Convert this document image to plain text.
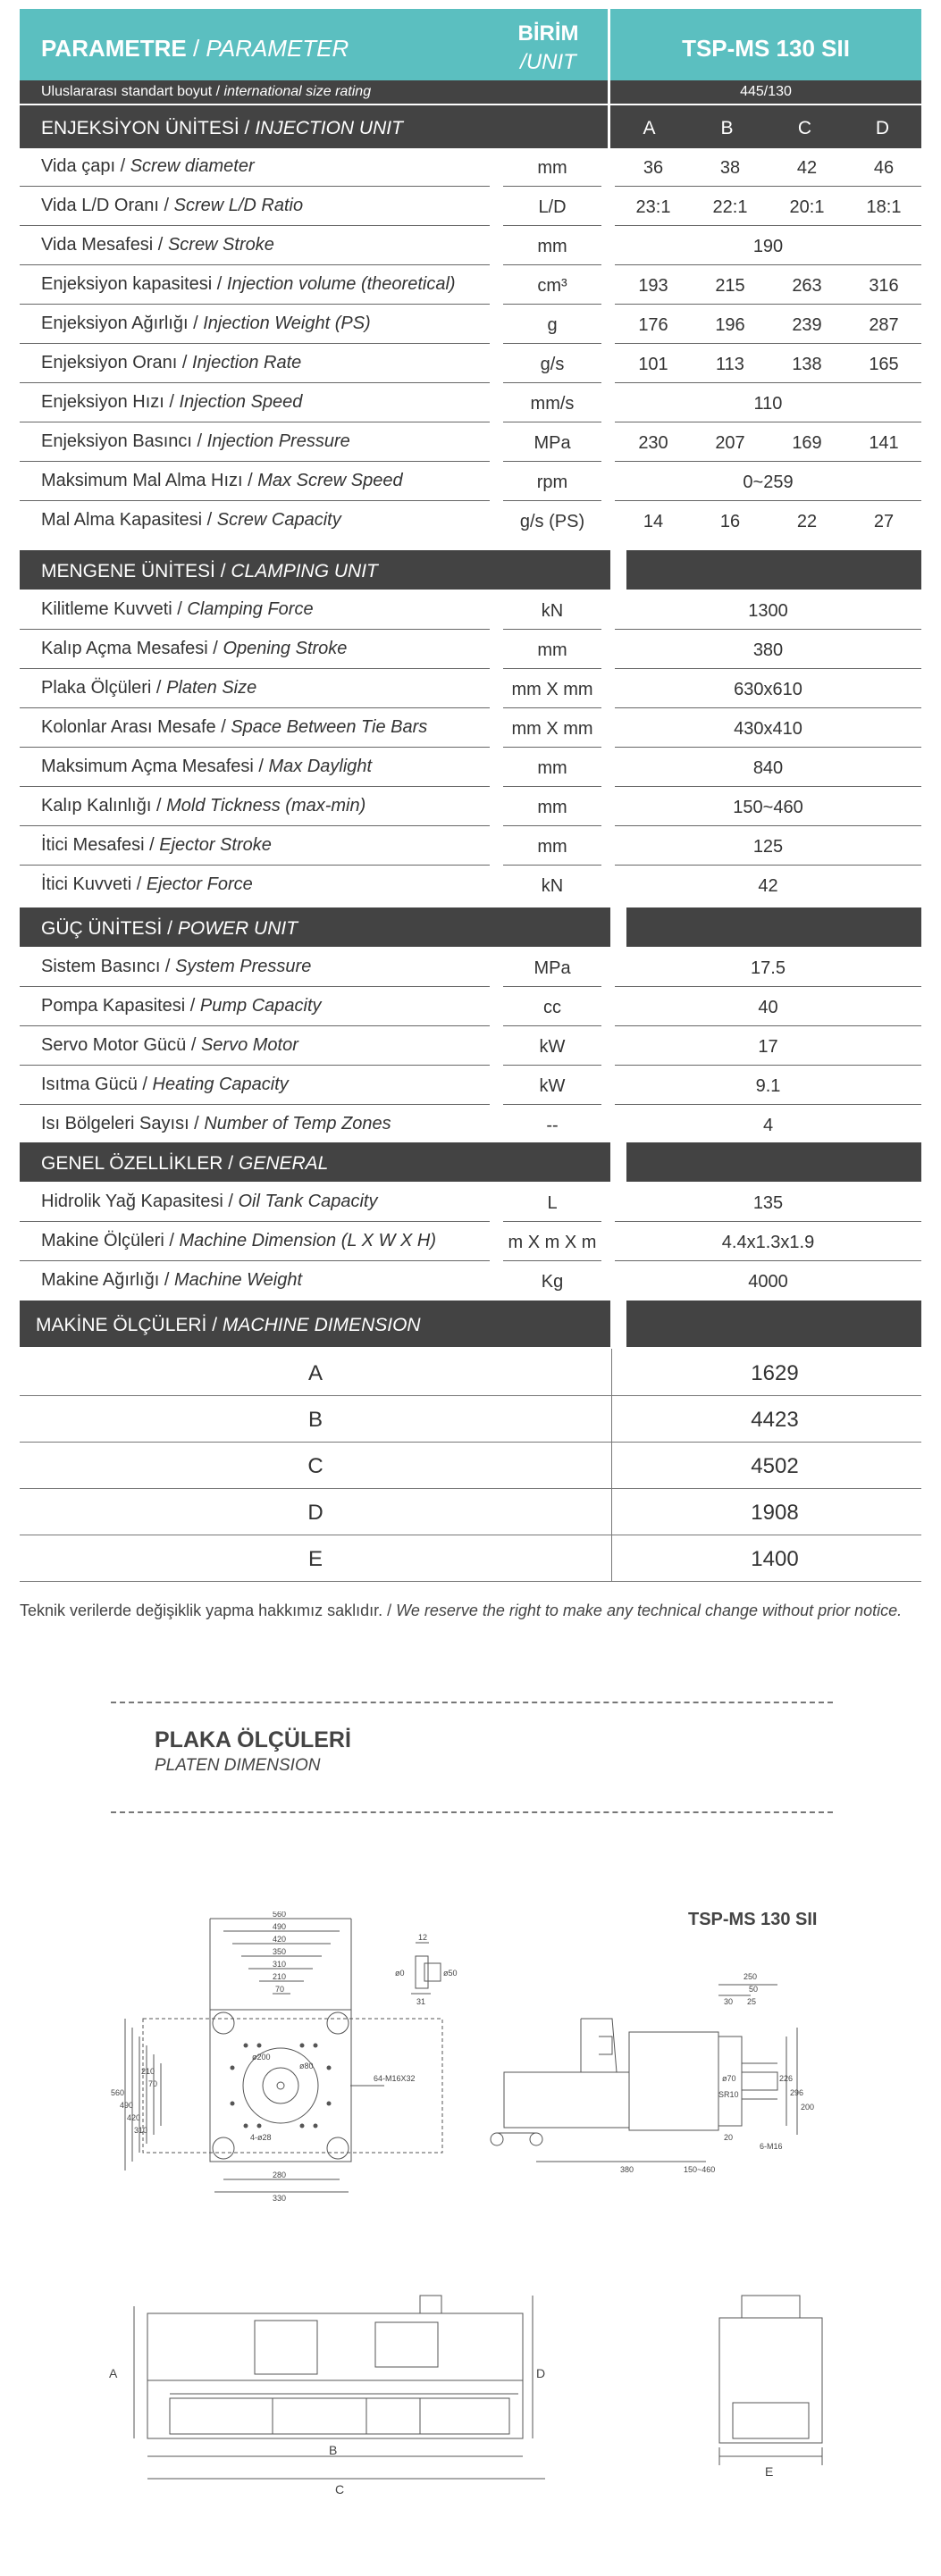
PARAMETRE / PARAMETER
BİRİM
/UNIT
TSP-MS 130 SII
Uluslararası standart boyut / international size rating	445/130
ENJEKSİYON ÜNİTESİ / INJECTION UNIT	A	B	C	D
Vida çapı / Screw diameter	mm	36	38	42	46
Vida L/D Oranı / Screw L/D Ratio	L/D	23:1	22:1	20:1	18:1
Vida Mesafesi / Screw Stroke	mm	190
Enjeksiyon kapasitesi / Injection volume (theoretical)	cm³	193	215	263	316
Enjeksiyon Ağırlığı / Injection Weight (PS)	g	176	196	239	287
Enjeksiyon Oranı / Injection Rate	g/s	101	113	138	165
Enjeksiyon Hızı / Injection Speed	mm/s	110
Enjeksiyon Basıncı / Injection Pressure	MPa	230	207	169	141
Maksimum Mal Alma Hızı / Max Screw Speed	rpm	0~259
Mal Alma Kapasitesi / Screw Capacity	g/s (PS)	14	16	22	27
MENGENE ÜNİTESİ / CLAMPING UNIT
Kilitleme Kuvveti / Clamping Force	kN	1300
Kalıp Açma Mesafesi / Opening Stroke	mm	380
Plaka Ölçüleri / Platen Size	mm X mm	630x610
Kolonlar Arası Mesafe / Space Between Tie Bars	mm X mm	430x410
Maksimum Açma Mesafesi / Max Daylight	mm	840
Kalıp Kalınlığı / Mold Tickness (max-min)	mm	150~460
İtici Mesafesi / Ejector Stroke	mm	125
İtici Kuvveti / Ejector Force	kN	42
GÜÇ ÜNİTESİ / POWER UNIT
Sistem Basıncı / System Pressure	MPa	17.5
Pompa Kapasitesi / Pump Capacity	cc	40
Servo Motor Gücü / Servo Motor	kW	17
Isıtma Gücü / Heating Capacity	kW	9.1
Isı Bölgeleri Sayısı / Number of Temp Zones	--	4
GENEL ÖZELLİKLER / GENERAL
Hidrolik Yağ Kapasitesi / Oil Tank Capacity	L	135
Makine Ölçüleri / Machine Dimension (L X W X H)	m X m X m	4.4x1.3x1.9
Makine Ağırlığı / Machine Weight	Kg	4000
MAKİNE ÖLÇÜLERİ / MACHINE DIMENSION
A	1629
B	4423
C	4502
D	1908
E	1400
Teknik verilerde değişiklik yapma hakkımız saklıdır. / We reserve the right to make any technical change without prior notice.
PLAKA ÖLÇÜLERİ
PLATEN DIMENSION
TSP-MS 130 SII
560
490
420
350
310
210
70
560
490
420
310
210
70
ø200
ø80
64-M16X32
4-ø28
280
330
12
ø0	ø50
31
250
50
30 25
226
296
200
ø70
SR10
20
6-M16
380	150~460
A
B
C
D
E
